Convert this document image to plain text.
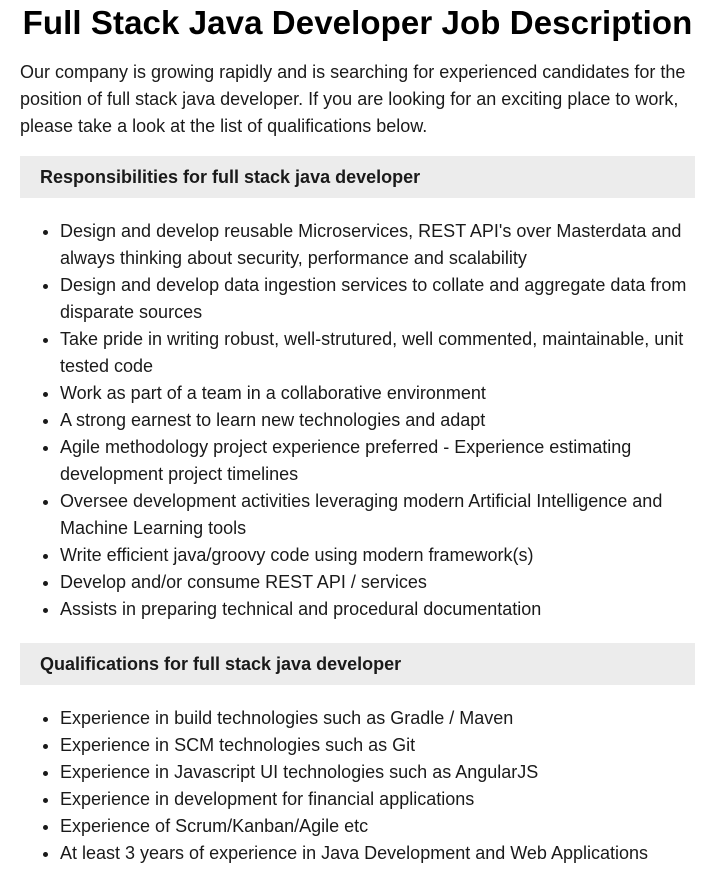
Full Stack Java Developer Job Description

Our company is growing rapidly and is searching for experienced candidates for the position of full stack java developer. If you are looking for an exciting place to work, please take a look at the list of qualifications below.

Responsibilities for full stack java developer
• Design and develop reusable Microservices, REST API's over Masterdata and always thinking about security, performance and scalability
• Design and develop data ingestion services to collate and aggregate data from disparate sources
• Take pride in writing robust, well-strutured, well commented, maintainable, unit tested code
• Work as part of a team in a collaborative environment
• A strong earnest to learn new technologies and adapt
• Agile methodology project experience preferred - Experience estimating development project timelines
• Oversee development activities leveraging modern Artificial Intelligence and Machine Learning tools
• Write efficient java/groovy code using modern framework(s)
• Develop and/or consume REST API / services
• Assists in preparing technical and procedural documentation
Qualifications for full stack java developer
• Experience in build technologies such as Gradle / Maven
• Experience in SCM technologies such as Git
• Experience in Javascript UI technologies such as AngularJS
• Experience in development for financial applications
• Experience of Scrum/Kanban/Agile etc
• At least 3 years of experience in Java Development and Web Applications
